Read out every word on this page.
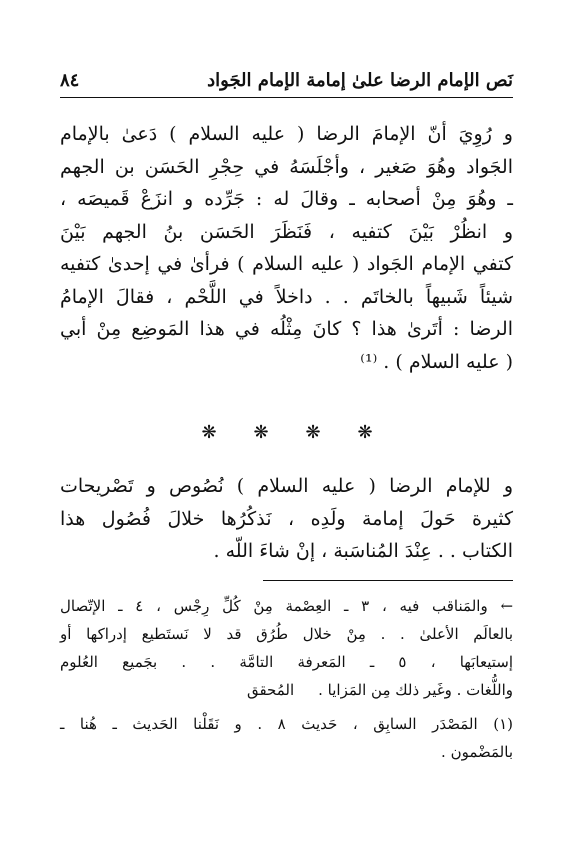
نَص الإمام الرضا علىٰ إمامة الإمام الجَواد
٨٤

و رُوِيَ أنّ الإمامَ الرضا ( عليه السلام ) دَعىٰ بالإمام
الجَواد وهُوَ صَغير ، وأجْلَسَهُ في حِجْرِ الحَسَن بن الجهم
ـ وهُوَ مِنْ أصحابه ـ وقالَ له : جَرِّده و انزَعْ قَميصَه ،
و انظُرْ بَيْنَ كتفيه ، فَنَظَرَ الحَسَن بنُ الجهم بَيْنَ
كتفي الإمام الجَواد ( عليه السلام ) فرأىٰ في إحدىٰ كتفيه
شيئاً شَبيهاً بالخاتَم . . داخلاً في اللَّحْم ، فقالَ الإمامُ
الرضا : أتَرىٰ هذا ؟ كانَ مِثْلُه في هذا المَوضِع مِنْ أبي
( عليه السلام ) . ⁽¹⁾

❋ ❋ ❋ ❋

و للإمام الرضا ( عليه السلام ) نُصُوص و تَصْريحات
كثيرة حَولَ إمامة ولَدِه ، نَذكُرُها خلالَ فُصُول هذا
الكتاب . . عِنْدَ المُناسَبة ، إنْ شاءَ اللّه .

← والمَناقب فيه ، ٣ ـ العِصْمة مِنْ كُلِّ رِجْس ، ٤ ـ الإتّصال
بالعالَم الأعلىٰ . . مِنْ خلال طُرُق قد لا نَستَطيع إدراكها أو
إستيعابَها ، ٥ ـ المَعرفة التامَّة . . بجَميع العُلوم
واللُّغات . وغَير ذلك مِن المَزايا .المُحقق
(١) المَصْدَر السابِق ، حَديث ٨ . و نَقَلْنا الحَديث ـ هُنا ـ
بالمَضْمون .
